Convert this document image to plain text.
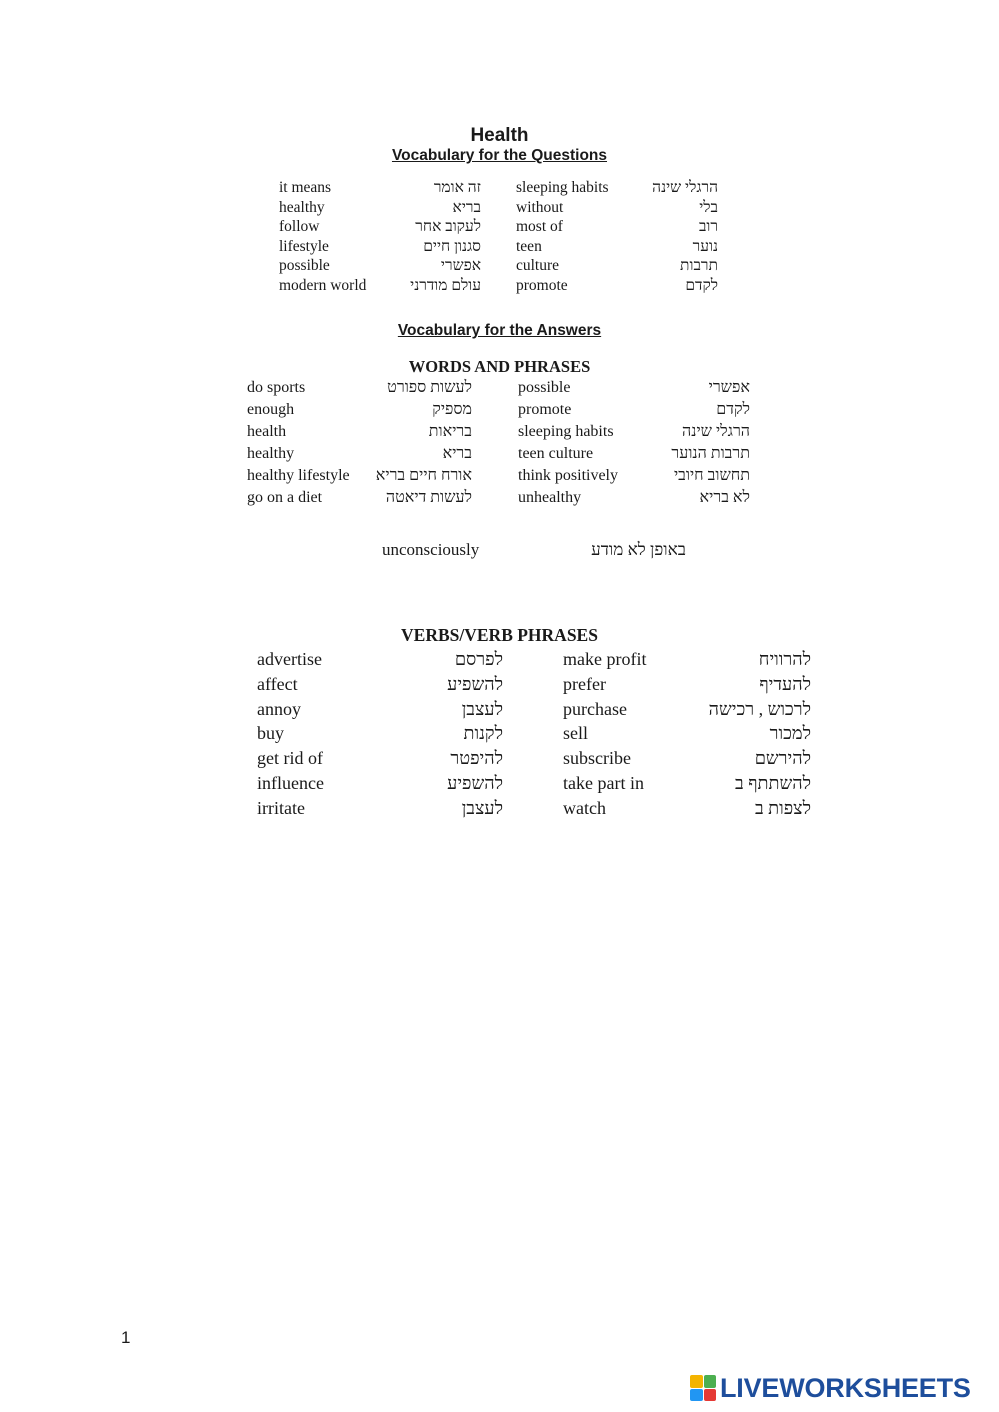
Health
Vocabulary for the Questions
it means	זה אומר sleeping habits	הרגלי שינה
healthy	בריא without	בלי
follow	לעקוב אחר most of	רוב
lifestyle	סגנון חיים teen	נוער
possible	אפשרי culture	תרבות
modern world	עולם מודרני promote	לקדם
Vocabulary for the Answers
WORDS AND PHRASES
do sports	לעשות ספורט	possible	אפשרי
enough	מספיק	promote	לקדם
health	בריאות	sleeping habits	הרגלי שינה
healthy	בריא	teen culture	תרבות הנוער
healthy lifestyle אורח חיים בריא	think positively	תחשוב חיובי
go on a diet	לעשות דיאטה	unhealthy	לא בריא
unconsciously	באופן לא מודע
VERBS/VERB PHRASES
advertise	לפרסם	make profit	להרוויח
affect	להשפיע	prefer	להעדיף
annoy	לעצבן	purchase	לרכוש , רכישה
buy	לקנות	sell	למכור
get rid of	להיפטר	subscribe	להירשם
influence	להשפיע	take part in	להשתתף ב
irritate	לעצבן	watch	לצפות ב
1
LIVEWORKSHEETS
